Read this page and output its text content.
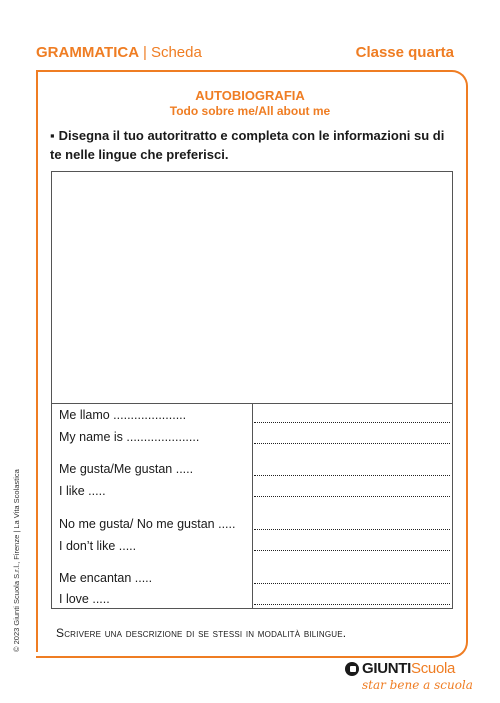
GRAMMATICA | Scheda	Classe quarta
AUTOBIOGRAFIA
Todo sobre me/All about me
▪ Disegna il tuo autoritratto e completa con le informazioni su di te nelle lingue che preferisci.
Me llamo .....................
My name is .....................
Me gusta/Me gustan .....
I like .....
No me gusta/ No me gustan .....
I don’t like .....
Me encantan .....
I love .....
Scrivere una descrizione di se stessi in modalità bilingue.
© 2023 Giunti Scuola S.r.l., Firenze | La Vita Scolastica
GIUNTIScuola
star bene a scuola
